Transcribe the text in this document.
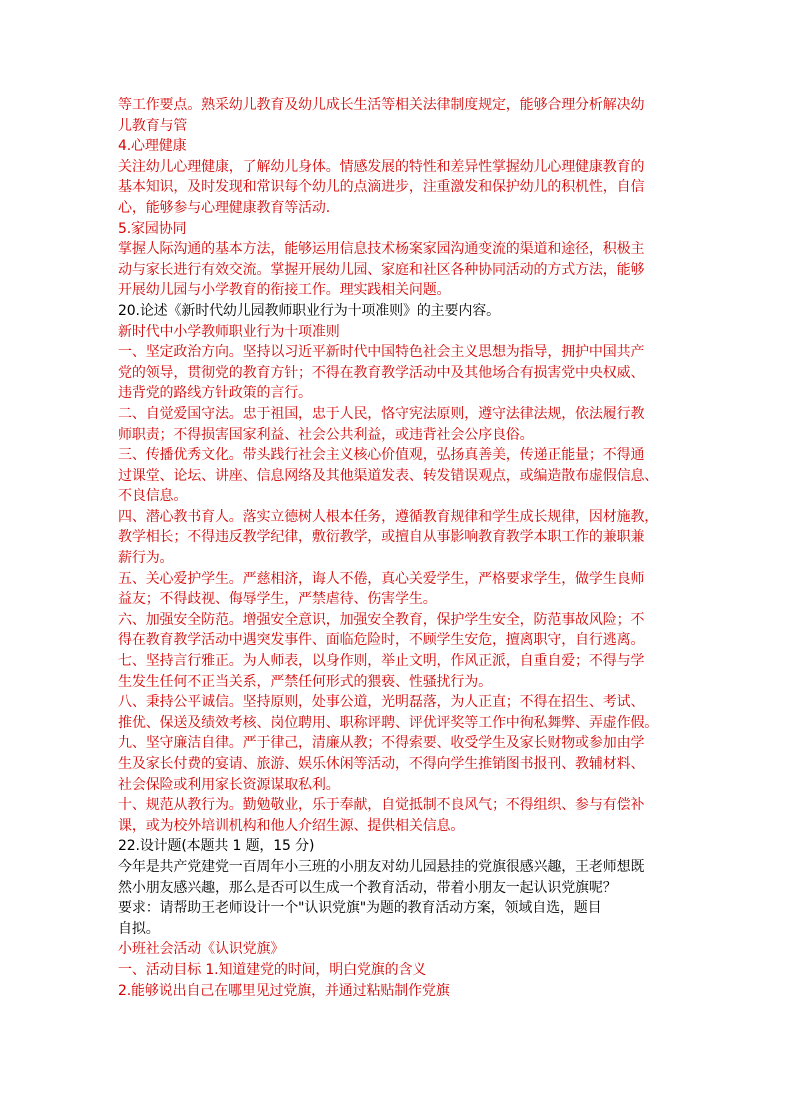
等工作要点。熟采幼儿教育及幼儿成长生活等相关法律制度规定，能够合理分析解决幼
儿教育与管
4.心理健康
关注幼儿心理健康，了解幼儿身体。情感发展的特性和差异性掌握幼儿心理健康教育的
基本知识，及时发现和常识每个幼儿的点滴进步，注重激发和保护幼儿的积机性，自信
心，能够参与心理健康教育等活动.
5.家园协同
掌握人际沟通的基本方法，能够运用信息技术杨案家园沟通变流的渠道和途径，积极主
动与家长进行有效交流。掌握开展幼儿园、家庭和社区各种协同活动的方式方法，能够
开展幼儿园与小学教育的衔接工作。理实践相关问题。
20.论述《新时代幼儿园教师职业行为十项准则》的主要内容。
新时代中小学教师职业行为十项准则
一、坚定政治方向。坚持以习近平新时代中国特色社会主义思想为指导，拥护中国共产
党的领导，贯彻党的教育方针；不得在教育教学活动中及其他场合有损害党中央权威、
违背党的路线方针政策的言行。
二、自觉爱国守法。忠于祖国，忠于人民，恪守宪法原则，遵守法律法规，依法履行教
师职责；不得损害国家利益、社会公共利益，或违背社会公序良俗。
三、传播优秀文化。带头践行社会主义核心价值观，弘扬真善美，传递正能量；不得通
过课堂、论坛、讲座、信息网络及其他渠道发表、转发错误观点，或编造散布虚假信息、
不良信息。
四、潜心教书育人。落实立德树人根本任务，遵循教育规律和学生成长规律，因材施教，
教学相长；不得违反教学纪律，敷衍教学，或擅自从事影响教育教学本职工作的兼职兼
薪行为。
五、关心爱护学生。严慈相济，诲人不倦，真心关爱学生，严格要求学生，做学生良师
益友；不得歧视、侮辱学生，严禁虐待、伤害学生。
六、加强安全防范。增强安全意识，加强安全教育，保护学生安全，防范事故风险；不
得在教育教学活动中遇突发事件、面临危险时，不顾学生安危，擅离职守，自行逃离。
七、坚持言行雅正。为人师表，以身作则，举止文明，作风正派，自重自爱；不得与学
生发生任何不正当关系，严禁任何形式的猥亵、性骚扰行为。
八、秉持公平诚信。坚持原则，处事公道，光明磊落，为人正直；不得在招生、考试、
推优、保送及绩效考核、岗位聘用、职称评聘、评优评奖等工作中徇私舞弊、弄虚作假。
九、坚守廉洁自律。严于律己，清廉从教；不得索要、收受学生及家长财物或参加由学
生及家长付费的宴请、旅游、娱乐休闲等活动，不得向学生推销图书报刊、教辅材料、
社会保险或利用家长资源谋取私利。
十、规范从教行为。勤勉敬业，乐于奉献，自觉抵制不良风气；不得组织、参与有偿补
课，或为校外培训机构和他人介绍生源、提供相关信息。
22.设计题(本题共 1 题，15 分)
今年是共产党建党一百周年小三班的小朋友对幼儿园悬挂的党旗很感兴趣，王老师想既
然小朋友感兴趣，那么是否可以生成一个教育活动，带着小朋友一起认识党旗呢？
要求：请帮助王老师设计一个"认识党旗"为题的教育活动方案，领域自选，题目
自拟。
小班社会活动《认识党旗》
一、活动目标 1.知道建党的时间，明白党旗的含义
2.能够说出自己在哪里见过党旗，并通过粘贴制作党旗
